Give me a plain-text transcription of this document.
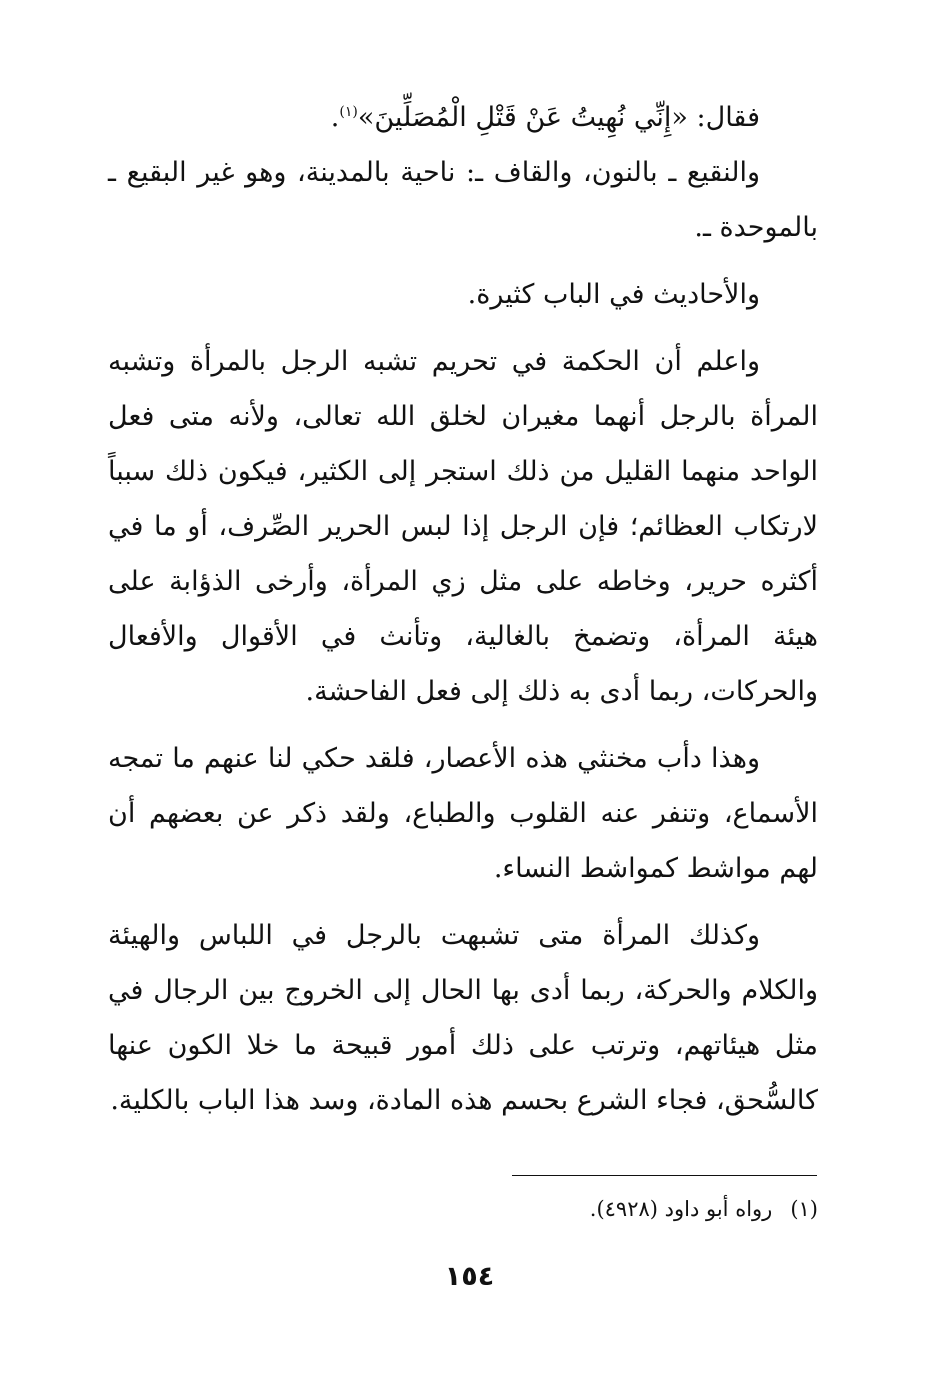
فقال: «إِنِّي نُهِيتُ عَنْ قَتْلِ الْمُصَلِّينَ»$^{(١)}$.

والنقيع ـ بالنون، والقاف ـ: ناحية بالمدينة، وهو غير البقيع ـ بالموحدة ـ.

والأحاديث في الباب كثيرة.

واعلم أن الحكمة في تحريم تشبه الرجل بالمرأة وتشبه المرأة بالرجل أنهما مغيران لخلق الله تعالى، ولأنه متى فعل الواحد منهما القليل من ذلك استجر إلى الكثير، فيكون ذلك سبباً لارتكاب العظائم؛ فإن الرجل إذا لبس الحرير الصِّرف، أو ما في أكثره حرير، وخاطه على مثل زي المرأة، وأرخى الذؤابة على هيئة المرأة، وتضمخ بالغالية، وتأنث في الأقوال والأفعال والحركات، ربما أدى به ذلك إلى فعل الفاحشة.

وهذا دأب مخنثي هذه الأعصار، فلقد حكي لنا عنهم ما تمجه الأسماع، وتنفر عنه القلوب والطباع، ولقد ذكر عن بعضهم أن لهم مواشط كمواشط النساء.

وكذلك المرأة متى تشبهت بالرجل في اللباس والهيئة والكلام والحركة، ربما أدى بها الحال إلى الخروج بين الرجال في مثل هيئاتهم، وترتب على ذلك أمور قبيحة ما خلا الكون عنها كالسُّحق، فجاء الشرع بحسم هذه المادة، وسد هذا الباب بالكلية.

(١)رواه أبو داود (٤٩٢٨).
١٥٤
